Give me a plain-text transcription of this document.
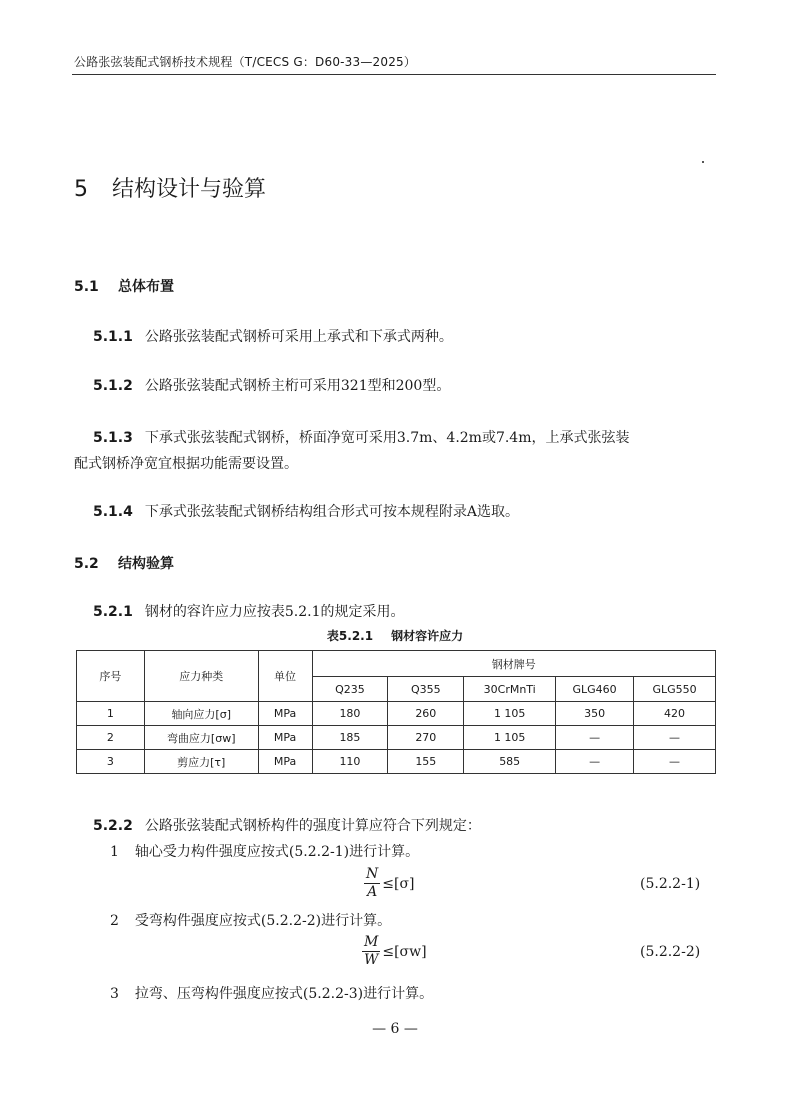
公路张弦装配式钢桥技术规程（T/CECS G：D60-33—2025）
5 结构设计与验算
5.1 总体布置
5.1.1 公路张弦装配式钢桥可采用上承式和下承式两种。
5.1.2 公路张弦装配式钢桥主桁可采用321型和200型。
5.1.3 下承式张弦装配式钢桥，桥面净宽可采用3.7m、4.2m或7.4m，上承式张弦装
配式钢桥净宽宜根据功能需要设置。
5.1.4 下承式张弦装配式钢桥结构组合形式可按本规程附录A选取。
5.2 结构验算
5.2.1 钢材的容许应力应按表5.2.1的规定采用。
表5.2.1 钢材容许应力
序号	应力种类	单位	钢材牌号				
			Q235	Q355	30CrMnTi	GLG460	GLG550
1	轴向应力[σ]	MPa	180	260	1 105	350	420
2	弯曲应力[σw]	MPa	185	270	1 105	—	—
3	剪应力[τ]	MPa	110	155	585	—	—
5.2.2 公路张弦装配式钢桥构件的强度计算应符合下列规定：
1 轴心受力构件强度应按式(5.2.2-1)进行计算。
$\frac{N}{A} \le[\sigma]$	(5.2.2-1)
2 受弯构件强度应按式(5.2.2-2)进行计算。
$\frac{M}{W} \le[\sigma w]$	(5.2.2-2)
3 拉弯、压弯构件强度应按式(5.2.2-3)进行计算。
— 6 —
